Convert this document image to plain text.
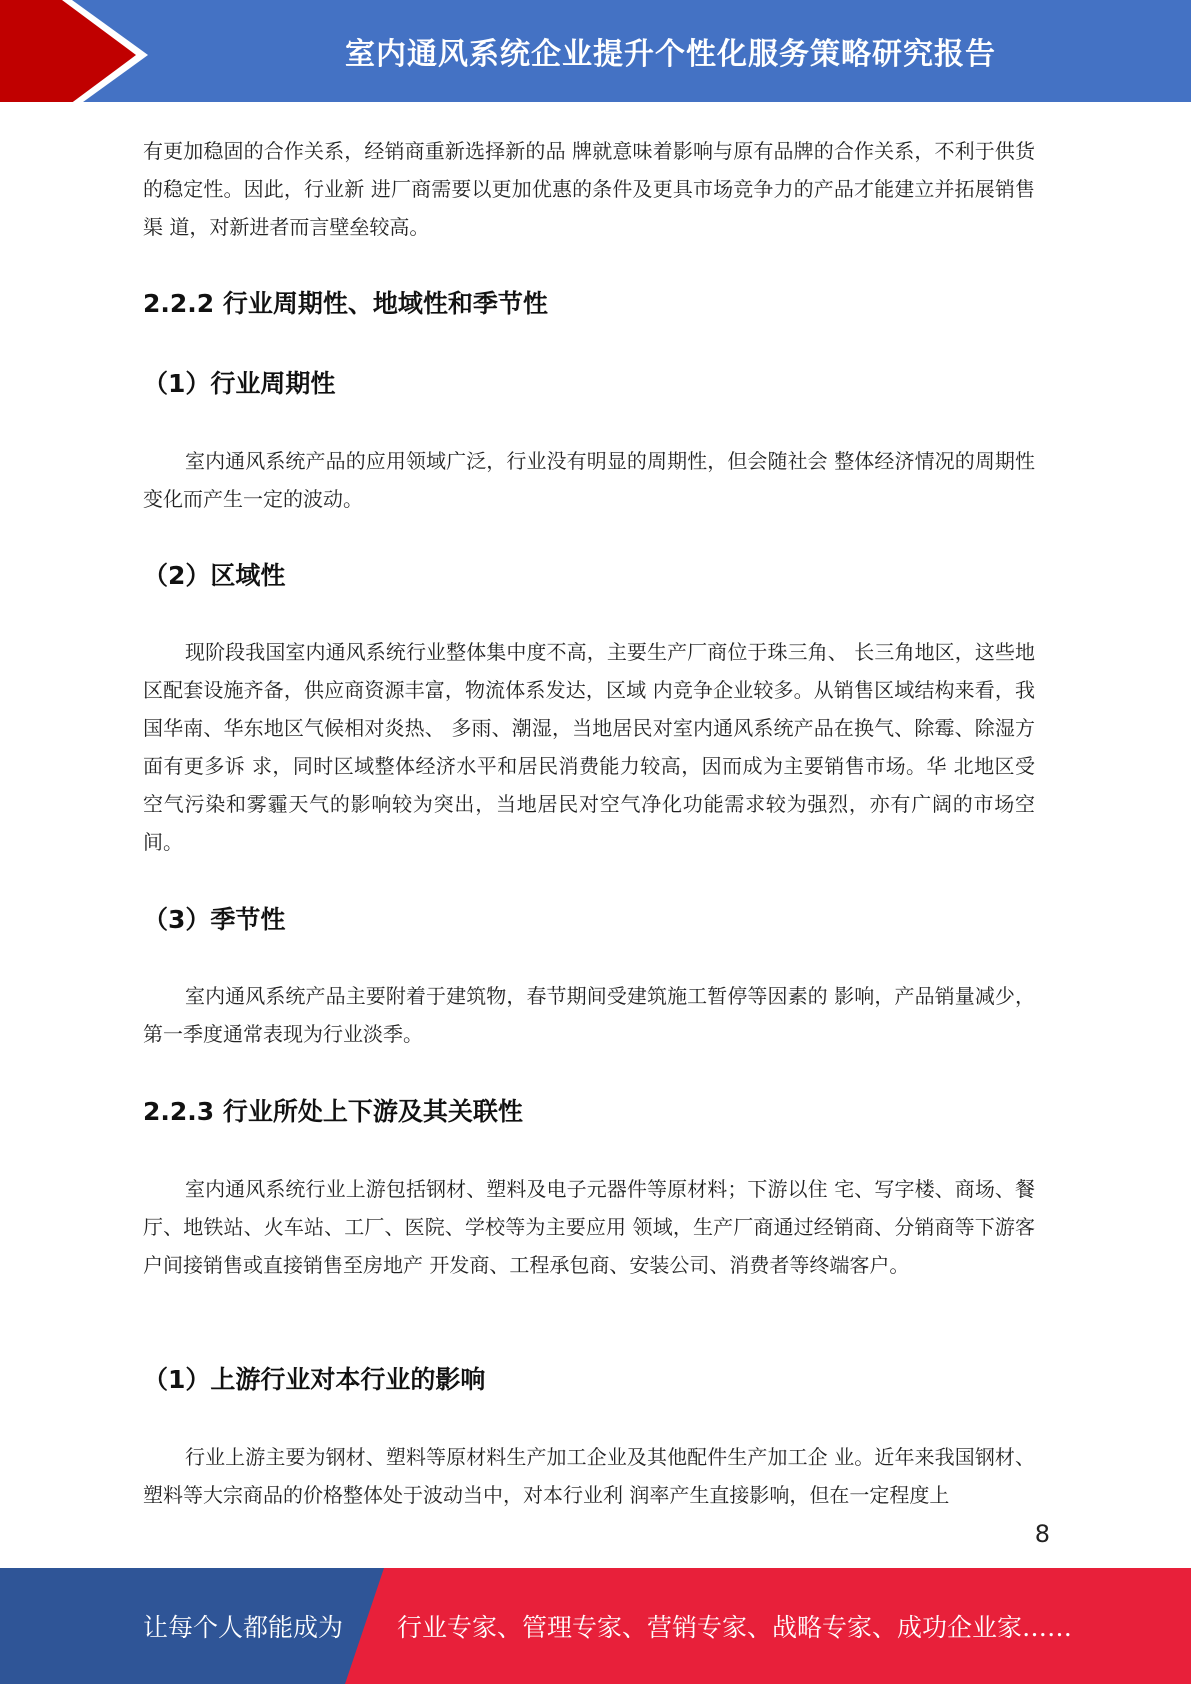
室内通风系统企业提升个性化服务策略研究报告

有更加稳固的合作关系，经销商重新选择新的品 牌就意味着影响与原有品牌的合作关系，不利于供货的稳定性。因此，行业新 进厂商需要以更加优惠的条件及更具市场竞争力的产品才能建立并拓展销售渠 道，对新进者而言壁垒较高。

2.2.2 行业周期性、地域性和季节性
（1）行业周期性

室内通风系统产品的应用领域广泛，行业没有明显的周期性，但会随社会 整体经济情况的周期性变化而产生一定的波动。

（2）区域性

现阶段我国室内通风系统行业整体集中度不高，主要生产厂商位于珠三角、 长三角地区，这些地区配套设施齐备，供应商资源丰富，物流体系发达，区域 内竞争企业较多。从销售区域结构来看，我国华南、华东地区气候相对炎热、 多雨、潮湿，当地居民对室内通风系统产品在换气、除霉、除湿方面有更多诉 求，同时区域整体经济水平和居民消费能力较高，因而成为主要销售市场。华 北地区受空气污染和雾霾天气的影响较为突出，当地居民对空气净化功能需求较为强烈，亦有广阔的市场空间。

（3）季节性

室内通风系统产品主要附着于建筑物，春节期间受建筑施工暂停等因素的 影响，产品销量减少，第一季度通常表现为行业淡季。

2.2.3 行业所处上下游及其关联性

室内通风系统行业上游包括钢材、塑料及电子元器件等原材料；下游以住 宅、写字楼、商场、餐厅、地铁站、火车站、工厂、医院、学校等为主要应用 领域，生产厂商通过经销商、分销商等下游客户间接销售或直接销售至房地产 开发商、工程承包商、安装公司、消费者等终端客户。

（1）上游行业对本行业的影响

行业上游主要为钢材、塑料等原材料生产加工企业及其他配件生产加工企 业。近年来我国钢材、塑料等大宗商品的价格整体处于波动当中，对本行业利 润率产生直接影响，但在一定程度上

8
让每个人都能成为 行业专家、管理专家、营销专家、战略专家、成功企业家……
